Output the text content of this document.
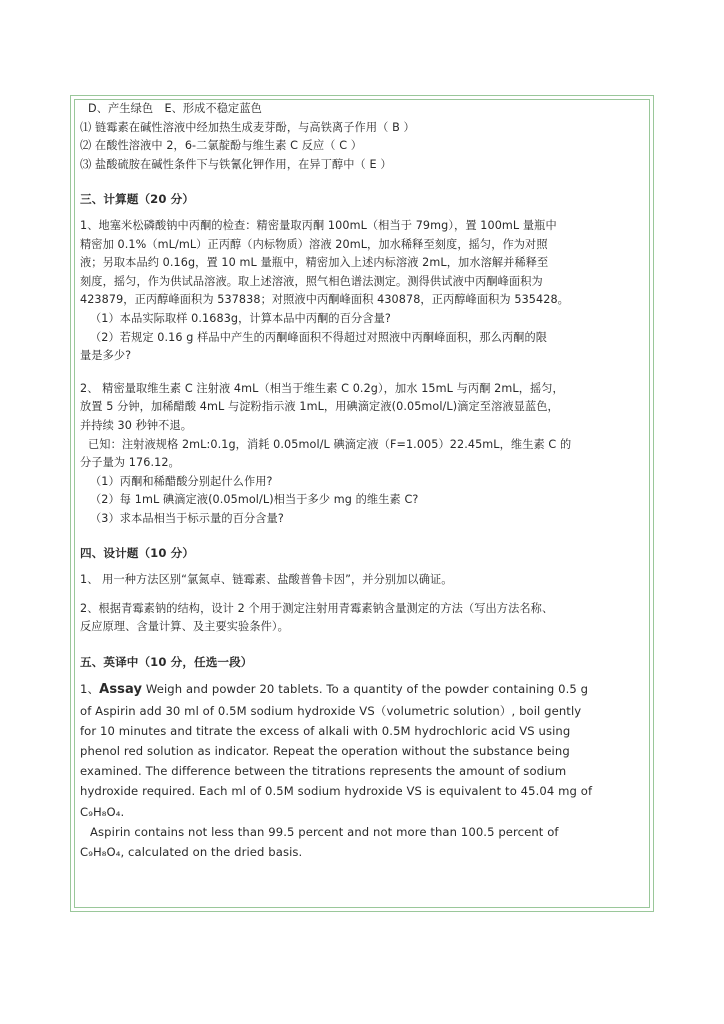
D、产生绿色　E、形成不稳定蓝色
⑴ 链霉素在碱性溶液中经加热生成麦芽酚，与高铁离子作用（ B ）
⑵ 在酸性溶液中 2，6-二氯靛酚与维生素 C 反应（ C ）
⑶ 盐酸硫胺在碱性条件下与铁氰化钾作用，在异丁醇中（ E ）
三、计算题（20 分）
1、地塞米松磷酸钠中丙酮的检查：精密量取丙酮 100mL（相当于 79mg），置 100mL 量瓶中
精密加 0.1%（mL/mL）正丙醇（内标物质）溶液 20mL，加水稀释至刻度，摇匀，作为对照
液；另取本品约 0.16g，置 10 mL 量瓶中，精密加入上述内标溶液 2mL，加水溶解并稀释至
刻度，摇匀，作为供试品溶液。取上述溶液，照气相色谱法测定。测得供试液中丙酮峰面积为
423879，正丙醇峰面积为 537838；对照液中丙酮峰面积 430878，正丙醇峰面积为 535428。
（1）本品实际取样 0.1683g，计算本品中丙酮的百分含量?
（2）若规定 0.16 g 样品中产生的丙酮峰面积不得超过对照液中丙酮峰面积，那么丙酮的限
量是多少?
2、 精密量取维生素 C 注射液 4mL（相当于维生素 C 0.2g），加水 15mL 与丙酮 2mL，摇匀，
放置 5 分钟，加稀醋酸 4mL 与淀粉指示液 1mL，用碘滴定液(0.05mol/L)滴定至溶液显蓝色，
并持续 30 秒钟不退。
已知：注射液规格 2mL:0.1g，消耗 0.05mol/L 碘滴定液（F=1.005）22.45mL，维生素 C 的
分子量为 176.12。
（1）丙酮和稀醋酸分别起什么作用?
（2）每 1mL 碘滴定液(0.05mol/L)相当于多少 mg 的维生素 C?
（3）求本品相当于标示量的百分含量?
四、设计题（10 分）
1、 用一种方法区别“氯氮卓、链霉素、盐酸普鲁卡因”，并分别加以确证。
2、根据青霉素钠的结构，设计 2 个用于测定注射用青霉素钠含量测定的方法（写出方法名称、
反应原理、含量计算、及主要实验条件）。
五、英译中（10 分，任选一段）
1、Assay Weigh and powder 20 tablets. To a quantity of the powder containing 0.5 g
of Aspirin add 30 ml of 0.5M sodium hydroxide VS（volumetric solution）, boil gently
for 10 minutes and titrate the excess of alkali with 0.5M hydrochloric acid VS using
phenol red solution as indicator. Repeat the operation without the substance being
examined. The difference between the titrations represents the amount of sodium
hydroxide required. Each ml of 0.5M sodium hydroxide VS is equivalent to 45.04 mg of
C₉H₈O₄.
Aspirin contains not less than 99.5 percent and not more than 100.5 percent of
C₉H₈O₄, calculated on the dried basis.
